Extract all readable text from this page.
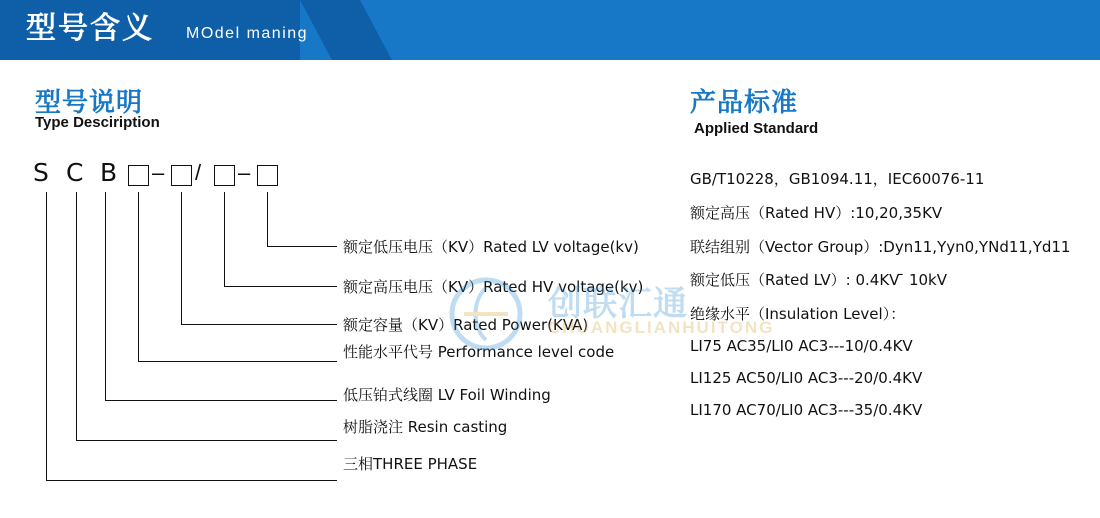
型号含义 MOdel maning
型号说明
Type Desciription
产品标准
Applied Standard
S C B – / –
额定低压电压（KV）Rated LV voltage(kv)
额定高压电压（KV）Rated HV voltage(kv)
额定容量（KV）Rated Power(KVA)
性能水平代号 Performance level code
低压铂式线圈 LV Foil Winding
树脂浇注 Resin casting
三相THREE PHASE
GB/T10228，GB1094.11，IEC60076-11
额定高压（Rated HV）:10,20,35KV
联结组别（Vector Group）:Dyn11,Yyn0,YNd11,Yd11
额定低压（Rated LV）: 0.4KV ̄ 10kV
绝缘水平（Insulation Level）：
LI75 AC35/LI0 AC3---10/0.4KV
LI125 AC50/LI0 AC3---20/0.4KV
LI170 AC70/LI0 AC3---35/0.4KV
创联汇通
CHUANGLIANHUITONG
